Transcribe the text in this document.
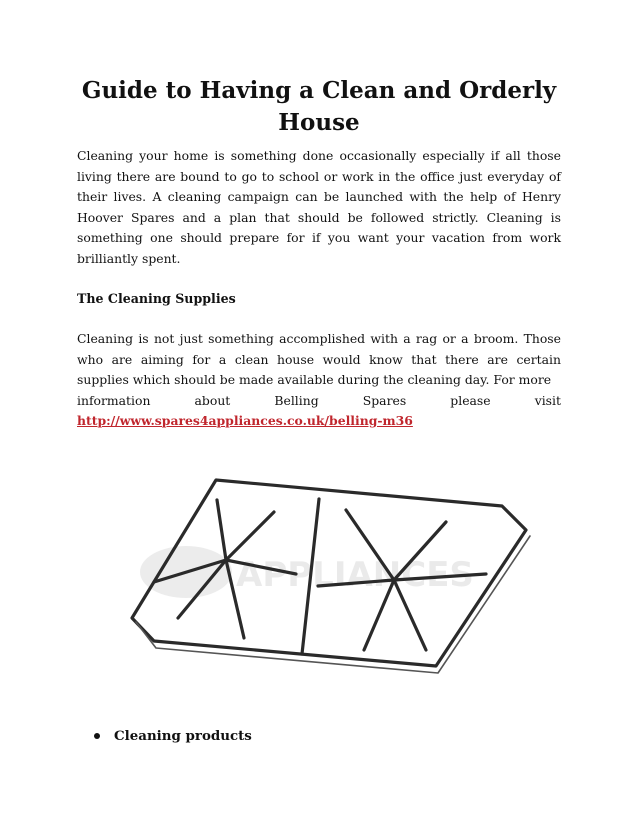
Guide to Having a Clean and Orderly House

Cleaning your home is something done occasionally especially if all those living there are bound to go to school or work in the office just everyday of their lives. A cleaning campaign can be launched with the help of Henry Hoover Spares and a plan that should be followed strictly. Cleaning is something one should prepare for if you want your vacation from work brilliantly spent.

The Cleaning Supplies

Cleaning is not just something accomplished with a rag or a broom. Those who are aiming for a clean house would know that there are certain supplies which should be made available during the cleaning day. For more

information	about	Belling	Spares	please	visit

http://www.spares4appliances.co.uk/belling-m36

APPLIANCES
Cleaning products
